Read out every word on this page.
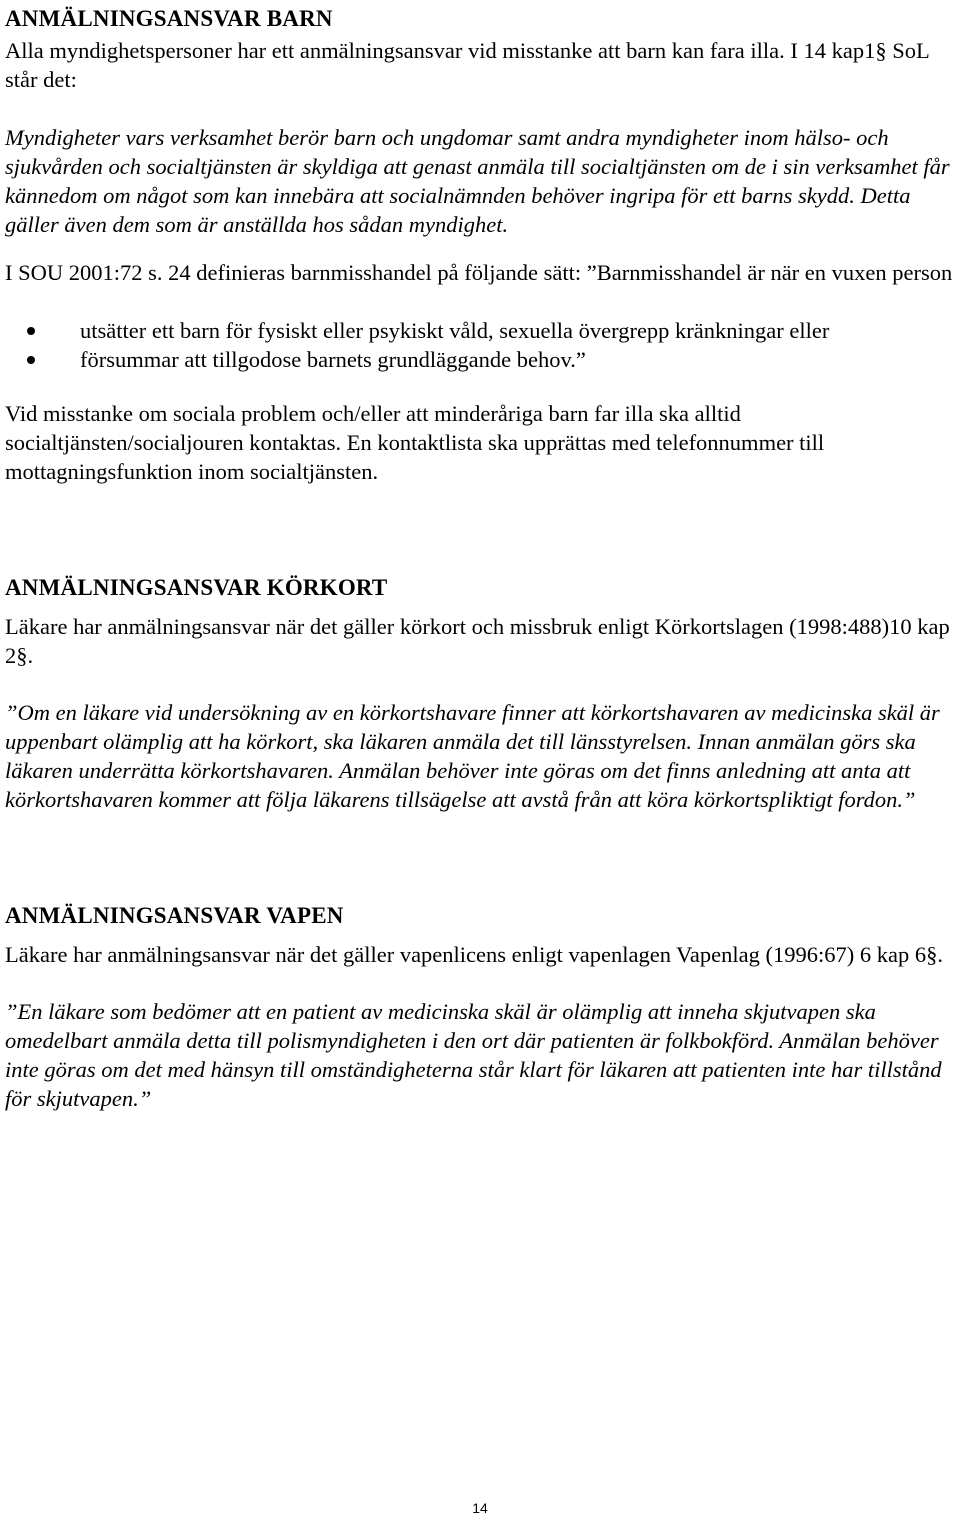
ANMÄLNINGSANSVAR BARN

Alla myndighetspersoner har ett anmälningsansvar vid misstanke att barn kan fara illa. I 14 kap1§ SoL står det:

Myndigheter vars verksamhet berör barn och ungdomar samt andra myndigheter inom hälso- och sjukvården och socialtjänsten är skyldiga att genast anmäla till socialtjänsten om de i sin verksamhet får kännedom om något som kan innebära att socialnämnden behöver ingripa för ett barns skydd. Detta gäller även dem som är anställda hos sådan myndighet.

I SOU 2001:72 s. 24 definieras barnmisshandel på följande sätt: ”Barnmisshandel är när en vuxen person

utsätter ett barn för fysiskt eller psykiskt våld, sexuella övergrepp kränkningar eller
försummar att tillgodose barnets grundläggande behov.”

Vid misstanke om sociala problem och/eller att minderåriga barn far illa ska alltid socialtjänsten/socialjouren kontaktas. En kontaktlista ska upprättas med telefonnummer till mottagningsfunktion inom socialtjänsten.

ANMÄLNINGSANSVAR KÖRKORT

Läkare har anmälningsansvar när det gäller körkort och missbruk enligt Körkortslagen (1998:488)10 kap 2§.

”Om en läkare vid undersökning av en körkortshavare finner att körkortshavaren av medicinska skäl är uppenbart olämplig att ha körkort, ska läkaren anmäla det till länsstyrelsen. Innan anmälan görs ska läkaren underrätta körkortshavaren. Anmälan behöver inte göras om det finns anledning att anta att körkortshavaren kommer att följa läkarens tillsägelse att avstå från att köra körkortspliktigt fordon.”

ANMÄLNINGSANSVAR VAPEN

Läkare har anmälningsansvar när det gäller vapenlicens enligt vapenlagen Vapenlag (1996:67) 6 kap 6§.

”En läkare som bedömer att en patient av medicinska skäl är olämplig att inneha skjutvapen ska omedelbart anmäla detta till polismyndigheten i den ort där patienten är folkbokförd. Anmälan behöver inte göras om det med hänsyn till omständigheterna står klart för läkaren att patienten inte har tillstånd för skjutvapen.”

14
